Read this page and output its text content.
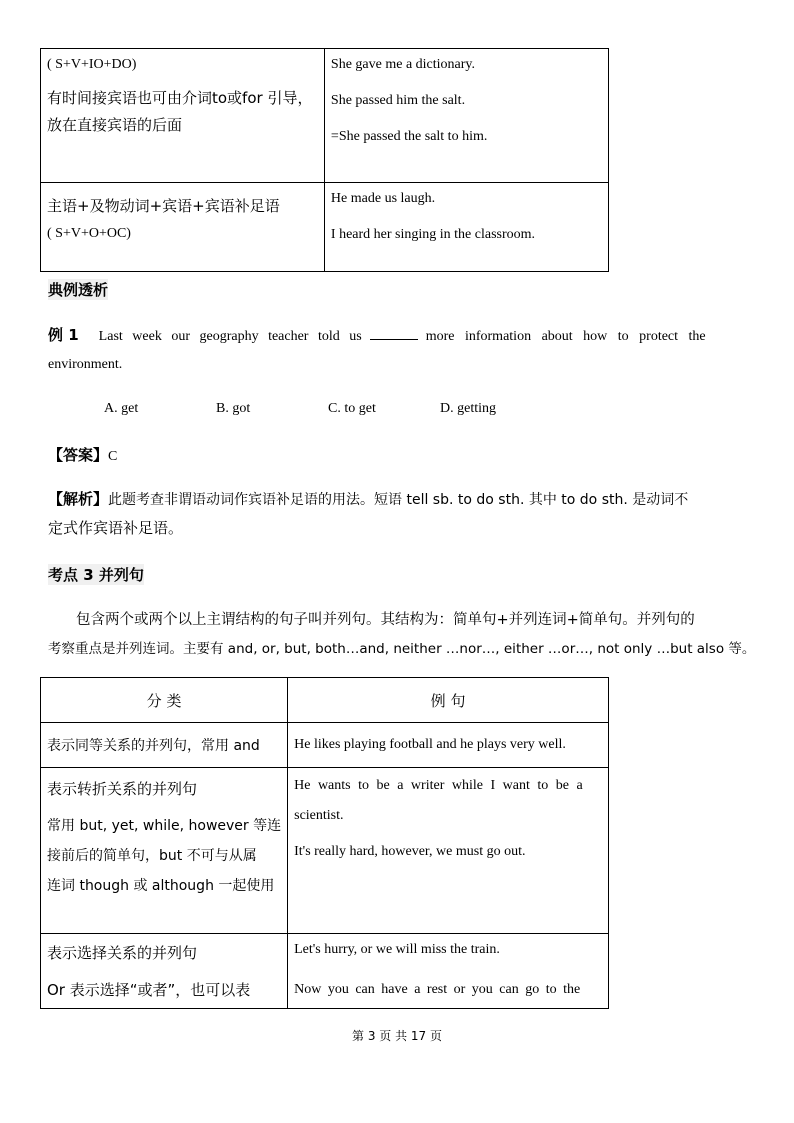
( S+V+IO+DO)
有时间接宾语也可由介词to或for 引导，
放在直接宾语的后面	She gave me a dictionary.
She passed him the salt.
=She passed the salt to him.

主语+及物动词+宾语+宾语补足语
( S+V+O+OC)	He made us laugh.
I heard her singing in the classroom.
典例透析
例 1 Last week our geography teacher told us	more information about how to protect the
environment.
A. get	B. got	C. to get	D. getting
【答案】C
【解析】此题考查非谓语动词作宾语补足语的用法。短语 tell sb. to do sth. 其中 to do sth. 是动词不
定式作宾语补足语。
考点 3 并列句
包含两个或两个以上主谓结构的句子叫并列句。其结构为：简单句+并列连词+简单句。并列句的
考察重点是并列连词。主要有 and, or, but, both…and, neither …nor…, either …or…, not only …but also 等。
分 类	例 句

表示同等关系的并列句，常用 and	He likes playing football and he plays very well.

表示转折关系的并列句
常用 but, yet, while, however 等连
接前后的简单句，but 不可与从属
连词 though 或 although 一起使用	He wants to be a writer while I want to be a
scientist.
It's really hard, however, we must go out.

表示选择关系的并列句
Or 表示选择“或者”，也可以表	Let's hurry, or we will miss the train.
Now you can have a rest or you can go to the
第 3 页 共 17 页
